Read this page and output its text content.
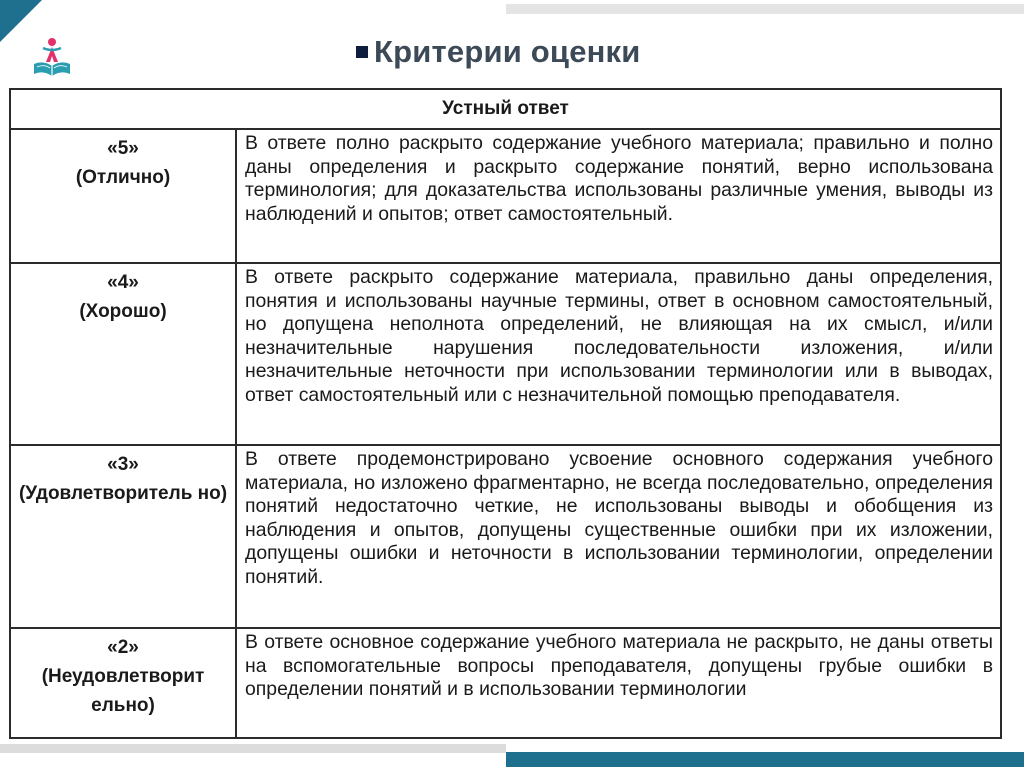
Критерии оценки
Устный ответ	

«5»
(Отлично)	В ответе полно раскрыто содержание учебного материала; правильно и полно даны определения и раскрыто содержание понятий, верно использована терминология; для доказательства использованы различные умения, выводы из наблюдений и опытов; ответ самостоятельный.

«4»
(Хорошо)	В ответе раскрыто содержание материала, правильно даны определения, понятия и использованы научные термины, ответ в основном самостоятельный, но допущена неполнота определений, не влияющая на их смысл, и/или незначительные нарушения последовательности изложения, и/или незначительные неточности при использовании терминологии или в выводах, ответ самостоятельный или с незначительной помощью преподавателя.

«3»
(Удовлетворитель но)	В ответе продемонстрировано усвоение основного содержания учебного материала, но изложено фрагментарно, не всегда последовательно, определения понятий недостаточно четкие, не использованы выводы и обобщения из наблюдения и опытов, допущены существенные ошибки при их изложении, допущены ошибки и неточности в использовании терминологии, определении понятий.

«2»
(Неудовлетворит ельно)	В ответе основное содержание учебного материала не раскрыто, не даны ответы на вспомогательные вопросы преподавателя, допущены грубые ошибки в определении понятий и в использовании терминологии
